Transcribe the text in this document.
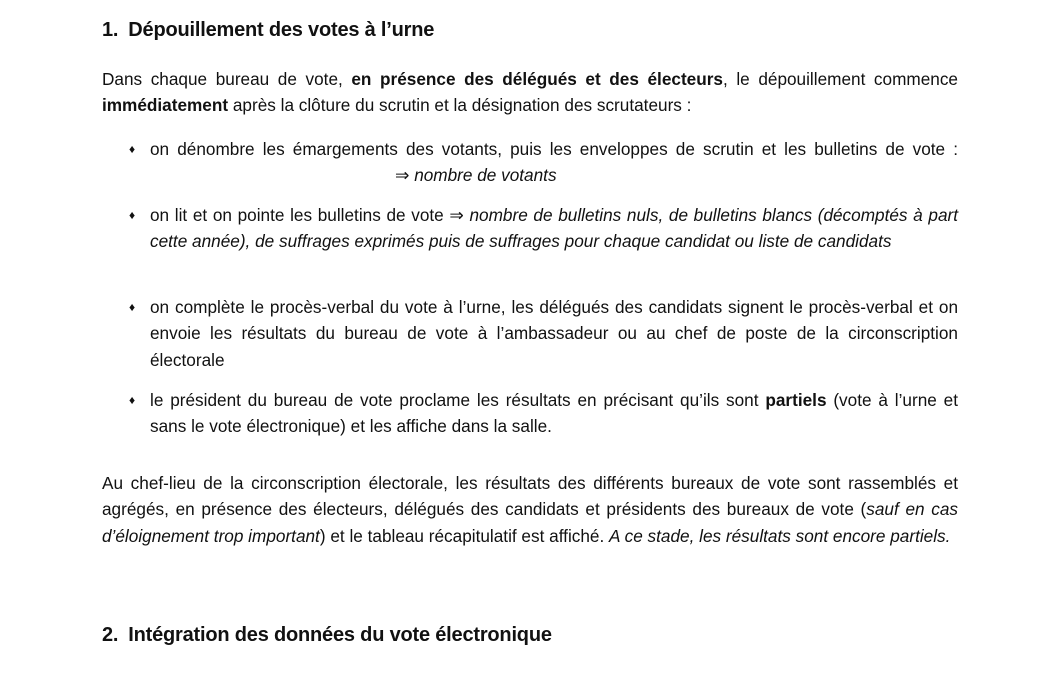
1. Dépouillement des votes à l’urne

Dans chaque bureau de vote, en présence des délégués et des électeurs, le dépouillement commence immédiatement après la clôture du scrutin et la désignation des scrutateurs :

♦ on dénombre les émargements des votants, puis les enveloppes de scrutin et les bulletins de vote :⇒ nombre de votants
♦ on lit et on pointe les bulletins de vote ⇒ nombre de bulletins nuls, de bulletins blancs (décomptés à part cette année), de suffrages exprimés puis de suffrages pour chaque candidat ou liste de candidats
♦ on complète le procès-verbal du vote à l’urne, les délégués des candidats signent le procès-verbal et on envoie les résultats du bureau de vote à l’ambassadeur ou au chef de poste de la circonscription électorale
♦ le président du bureau de vote proclame les résultats en précisant qu’ils sont partiels (vote à l’urne et sans le vote électronique) et les affiche dans la salle.

Au chef-lieu de la circonscription électorale, les résultats des différents bureaux de vote sont rassemblés et agrégés, en présence des électeurs, délégués des candidats et présidents des bureaux de vote (sauf en cas d’éloignement trop important) et le tableau récapitulatif est affiché. A ce stade, les résultats sont encore partiels.

2. Intégration des données du vote électronique
